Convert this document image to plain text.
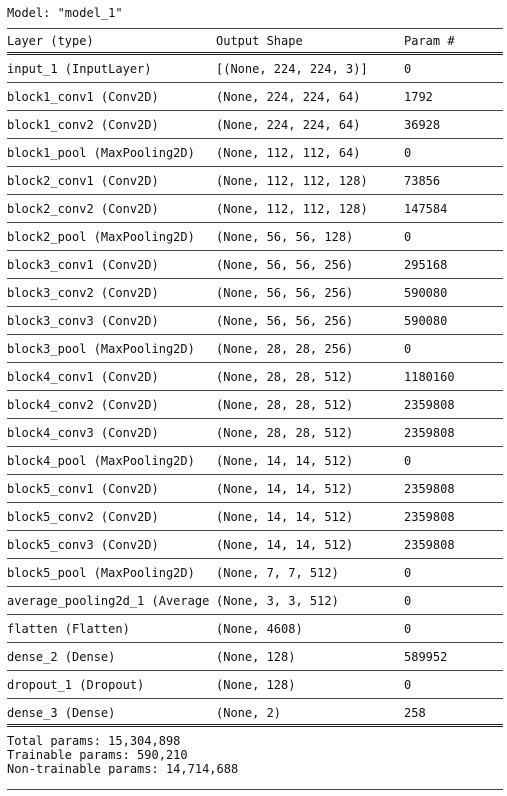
Model: "model_1"
Layer (type)	Output Shape	Param #
input_1 (InputLayer)	[(None, 224, 224, 3)]	0
block1_conv1 (Conv2D)	(None, 224, 224, 64)	1792
block1_conv2 (Conv2D)	(None, 224, 224, 64)	36928
block1_pool (MaxPooling2D) (None, 112, 112, 64)	0
block2_conv1 (Conv2D)	(None, 112, 112, 128)	73856
block2_conv2 (Conv2D)	(None, 112, 112, 128)	147584
block2_pool (MaxPooling2D) (None, 56, 56, 128)	0
block3_conv1 (Conv2D)	(None, 56, 56, 256)	295168
block3_conv2 (Conv2D)	(None, 56, 56, 256)	590080
block3_conv3 (Conv2D)	(None, 56, 56, 256)	590080
block3_pool (MaxPooling2D) (None, 28, 28, 256)	0
block4_conv1 (Conv2D)	(None, 28, 28, 512)	1180160
block4_conv2 (Conv2D)	(None, 28, 28, 512)	2359808
block4_conv3 (Conv2D)	(None, 28, 28, 512)	2359808
block4_pool (MaxPooling2D) (None, 14, 14, 512)	0
block5_conv1 (Conv2D)	(None, 14, 14, 512)	2359808
block5_conv2 (Conv2D)	(None, 14, 14, 512)	2359808
block5_conv3 (Conv2D)	(None, 14, 14, 512)	2359808
block5_pool (MaxPooling2D) (None, 7, 7, 512)	0
average_pooling2d_1 (Average (None, 3, 3, 512)	0
flatten (Flatten)	(None, 4608)	0
dense_2 (Dense)	(None, 128)	589952
dropout_1 (Dropout)	(None, 128)	0
dense_3 (Dense)	(None, 2)	258
Total params: 15,304,898
Trainable params: 590,210
Non-trainable params: 14,714,688
